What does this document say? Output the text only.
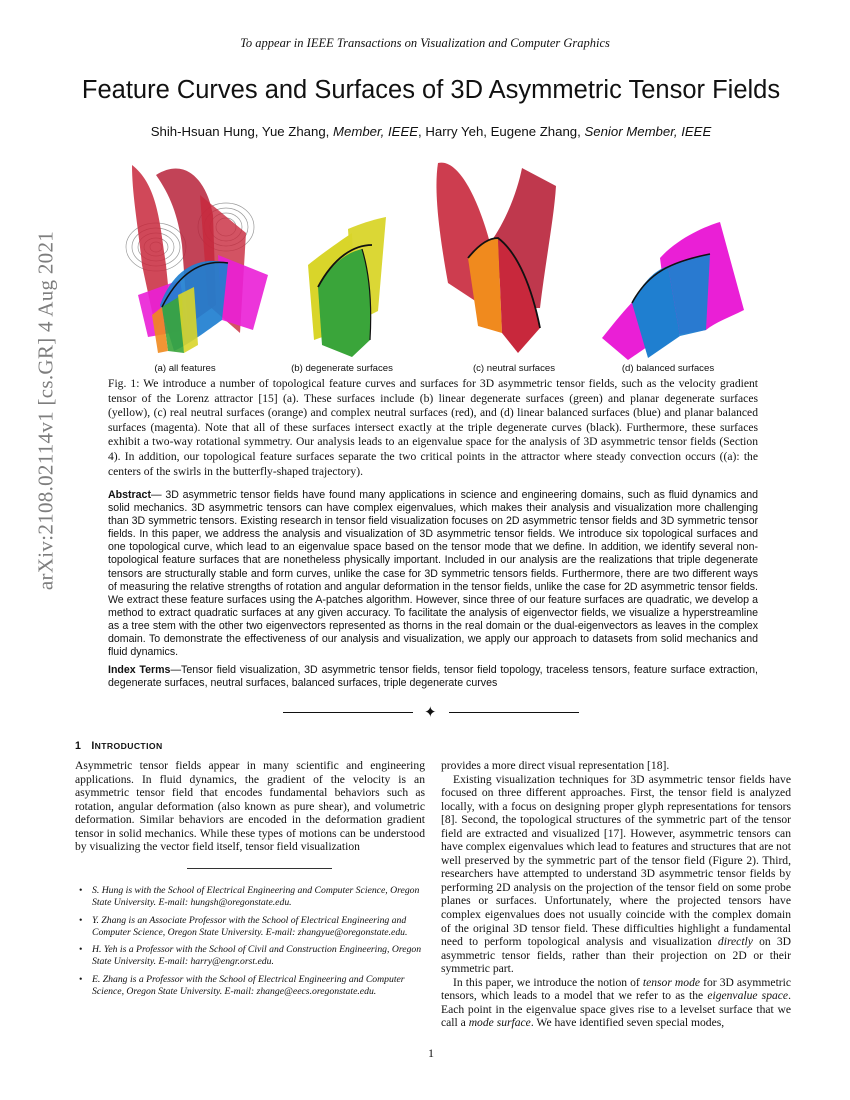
To appear in IEEE Transactions on Visualization and Computer Graphics
Feature Curves and Surfaces of 3D Asymmetric Tensor Fields
Shih-Hsuan Hung, Yue Zhang, Member, IEEE, Harry Yeh, Eugene Zhang, Senior Member, IEEE
arXiv:2108.02114v1 [cs.GR] 4 Aug 2021	(a) all features	(b) degenerate surfaces	(c) neutral surfaces	(d) balanced surfaces
Fig. 1: We introduce a number of topological feature curves and surfaces for 3D asymmetric tensor fields, such as the velocity gradient tensor of the Lorenz attractor [15] (a). These surfaces include (b) linear degenerate surfaces (green) and planar degenerate surfaces (yellow), (c) real neutral surfaces (orange) and complex neutral surfaces (red), and (d) linear balanced surfaces (blue) and planar balanced surfaces (magenta). Note that all of these surfaces intersect exactly at the triple degenerate curves (black). Furthermore, these surfaces exhibit a two-way rotational symmetry. Our analysis leads to an eigenvalue space for the analysis of 3D asymmetric tensor fields (Section 4). In addition, our topological feature surfaces separate the two critical points in the attractor where steady convection occurs ((a): the centers of the swirls in the butterfly-shaped trajectory).
Abstract— 3D asymmetric tensor fields have found many applications in science and engineering domains, such as fluid dynamics and solid mechanics. 3D asymmetric tensors can have complex eigenvalues, which makes their analysis and visualization more challenging than 3D symmetric tensors. Existing research in tensor field visualization focuses on 2D asymmetric tensor fields and 3D symmetric tensor fields. In this paper, we address the analysis and visualization of 3D asymmetric tensor fields. We introduce six topological surfaces and one topological curve, which lead to an eigenvalue space based on the tensor mode that we define. In addition, we identify several non-topological feature surfaces that are nonetheless physically important. Included in our analysis are the realizations that triple degenerate tensors are structurally stable and form curves, unlike the case for 3D symmetric tensors fields. Furthermore, there are two different ways of measuring the relative strengths of rotation and angular deformation in the tensor fields, unlike the case for 2D asymmetric tensor fields. We extract these feature surfaces using the A-patches algorithm. However, since three of our feature surfaces are quadratic, we develop a method to extract quadratic surfaces at any given accuracy. To facilitate the analysis of eigenvector fields, we visualize a hyperstreamline as a tree stem with the other two eigenvectors represented as thorns in the real domain or the dual-eigenvectors as leaves in the complex domain. To demonstrate the effectiveness of our analysis and visualization, we apply our approach to datasets from solid mechanics and fluid dynamics.
Index Terms—Tensor field visualization, 3D asymmetric tensor fields, tensor field topology, traceless tensors, feature surface extraction, degenerate surfaces, neutral surfaces, balanced surfaces, triple degenerate curves
✦
1 INTRODUCTION
Asymmetric tensor fields appear in many scientific and engineering applications. In fluid dynamics, the gradient of the velocity is an asymmetric tensor field that encodes fundamental behaviors such as rotation, angular deformation (also known as pure shear), and volumetric deformation. Similar behaviors are encoded in the deformation gradient tensor in solid mechanics. While these types of motions can be understood by visualizing the vector field itself, tensor field visualization
• S. Hung is with the School of Electrical Engineering and Computer Science, Oregon State University. E-mail: hungsh@oregonstate.edu.
• Y. Zhang is an Associate Professor with the School of Electrical Engineering and Computer Science, Oregon State University. E-mail: zhangyue@oregonstate.edu.
• H. Yeh is a Professor with the School of Civil and Construction Engineering, Oregon State University. E-mail: harry@engr.orst.edu.
• E. Zhang is a Professor with the School of Electrical Engineering and Computer Science, Oregon State University. E-mail: zhange@eecs.oregonstate.edu.
provides a more direct visual representation [18].
Existing visualization techniques for 3D asymmetric tensor fields have focused on three different approaches. First, the tensor field is analyzed locally, with a focus on designing proper glyph representations for tensors [8]. Second, the topological structures of the symmetric part of the tensor field are extracted and visualized [17]. However, asymmetric tensors can have complex eigenvalues which lead to features and structures that are not well preserved by the symmetric part of the tensor field (Figure 2). Third, researchers have attempted to understand 3D asymmetric tensor fields by performing 2D analysis on the projection of the tensor field on some probe planes or surfaces. Unfortunately, where the projected tensors have complex eigenvalues does not usually coincide with the complex domain of the original 3D tensor field. These difficulties highlight a fundamental need to perform topological analysis and visualization directly on 3D asymmetric tensor fields, rather than their projection on 2D or their symmetric part.
In this paper, we introduce the notion of tensor mode for 3D asymmetric tensors, which leads to a model that we refer to as the eigenvalue space. Each point in the eigenvalue space gives rise to a levelset surface that we call a mode surface. We have identified seven special modes,
1
